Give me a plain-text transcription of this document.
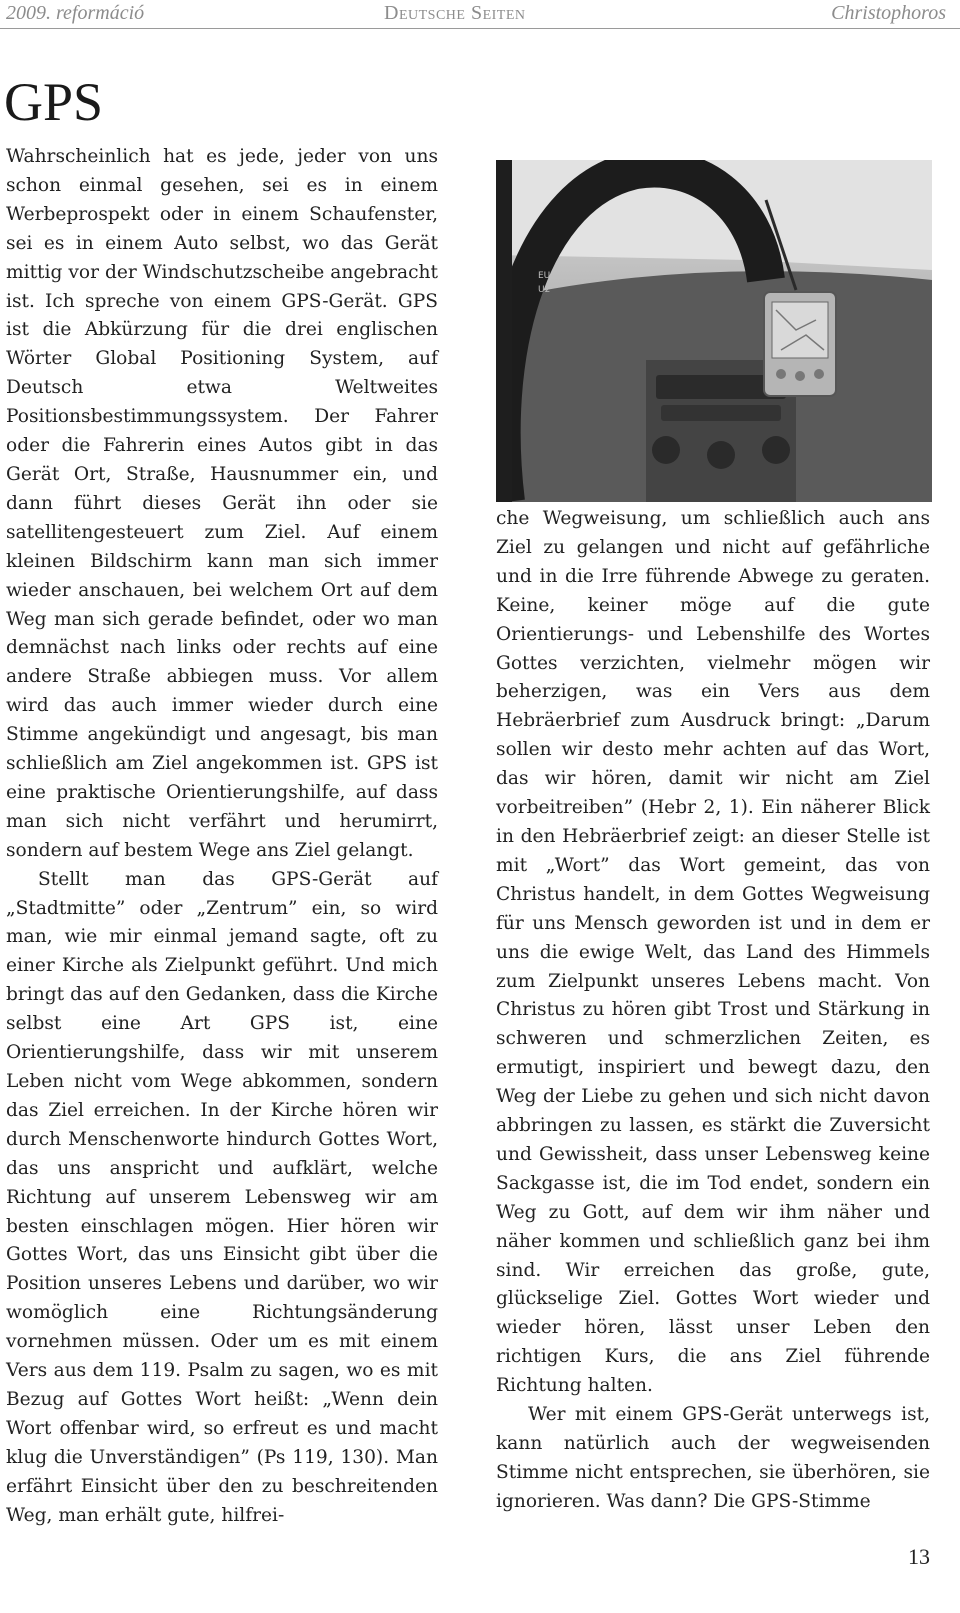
2009. reformáció	Deutsche Seiten	Christophoros
GPS

Wahrscheinlich hat es jede, jeder von uns schon einmal gesehen, sei es in einem Werbeprospekt oder in einem Schaufenster, sei es in einem Auto selbst, wo das Gerät mittig vor der Windschutzscheibe angebracht ist. Ich spreche von einem GPS-Gerät. GPS ist die Abkürzung für die drei englischen Wörter Global Positioning System, auf Deutsch etwa Weltweites Positionsbestimmungssystem. Der Fahrer oder die Fahrerin eines Autos gibt in das Gerät Ort, Straße, Hausnummer ein, und dann führt dieses Gerät ihn oder sie satellitengesteuert zum Ziel. Auf einem kleinen Bildschirm kann man sich immer wieder anschauen, bei welchem Ort auf dem Weg man sich gerade befindet, oder wo man demnächst nach links oder rechts auf eine andere Straße abbiegen muss. Vor allem wird das auch immer wieder durch eine Stimme angekündigt und angesagt, bis man schließlich am Ziel angekommen ist. GPS ist eine praktische Orientierungshilfe, auf dass man sich nicht verfährt und herumirrt, sondern auf bestem Wege ans Ziel gelangt.

Stellt man das GPS-Gerät auf „Stadtmitte” oder „Zentrum” ein, so wird man, wie mir einmal jemand sagte, oft zu einer Kirche als Zielpunkt geführt. Und mich bringt das auf den Gedanken, dass die Kirche selbst eine Art GPS ist, eine Orientierungshilfe, dass wir mit unserem Leben nicht vom Wege abkommen, sondern das Ziel erreichen. In der Kirche hören wir durch Menschenworte hindurch Gottes Wort, das uns anspricht und aufklärt, welche Richtung auf unserem Lebensweg wir am besten einschlagen mögen. Hier hören wir Gottes Wort, das uns Einsicht gibt über die Position unseres Lebens und darüber, wo wir womöglich eine Richtungsänderung vornehmen müssen. Oder um es mit einem Vers aus dem 119. Psalm zu sagen, wo es mit Bezug auf Gottes Wort heißt: „Wenn dein Wort offenbar wird, so erfreut es und macht klug die Unverständigen” (Ps 119, 130). Man erfährt Einsicht über den zu beschreitenden Weg, man erhält gute, hilfrei-

EU
U2

che Wegweisung, um schließlich auch ans Ziel zu gelangen und nicht auf gefährliche und in die Irre führende Abwege zu geraten. Keine, keiner möge auf die gute Orientierungs- und Lebenshilfe des Wortes Gottes verzichten, vielmehr mögen wir beherzigen, was ein Vers aus dem Hebräerbrief zum Ausdruck bringt: „Darum sollen wir desto mehr achten auf das Wort, das wir hören, damit wir nicht am Ziel vorbeitreiben” (Hebr 2, 1). Ein näherer Blick in den Hebräerbrief zeigt: an dieser Stelle ist mit „Wort” das Wort gemeint, das von Christus handelt, in dem Gottes Wegweisung für uns Mensch geworden ist und in dem er uns die ewige Welt, das Land des Himmels zum Zielpunkt unseres Lebens macht. Von Christus zu hören gibt Trost und Stärkung in schweren und schmerzlichen Zeiten, es ermutigt, inspiriert und bewegt dazu, den Weg der Liebe zu gehen und sich nicht davon abbringen zu lassen, es stärkt die Zuversicht und Gewissheit, dass unser Lebensweg keine Sackgasse ist, die im Tod endet, sondern ein Weg zu Gott, auf dem wir ihm näher und näher kommen und schließlich ganz bei ihm sind. Wir erreichen das große, gute, glückselige Ziel. Gottes Wort wieder und wieder hören, lässt unser Leben den richtigen Kurs, die ans Ziel führende Richtung halten.

Wer mit einem GPS-Gerät unterwegs ist, kann natürlich auch der wegweisenden Stimme nicht entsprechen, sie überhören, sie ignorieren. Was dann? Die GPS-Stimme

13
